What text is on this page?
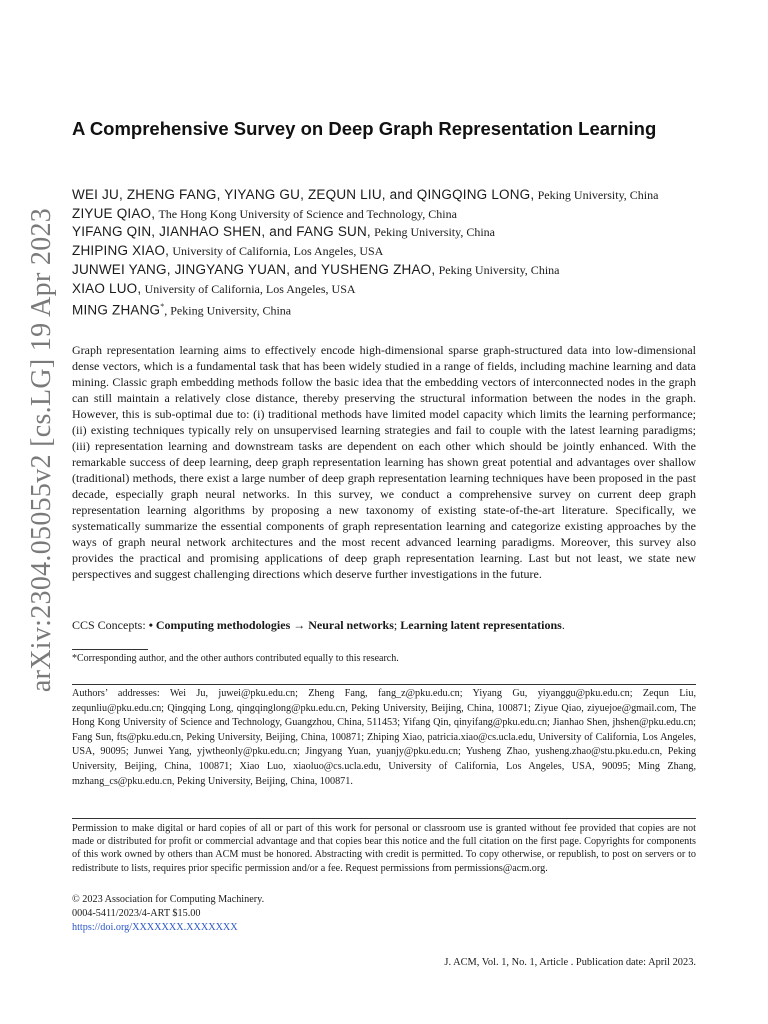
arXiv:2304.05055v2 [cs.LG] 19 Apr 2023
A Comprehensive Survey on Deep Graph Representation Learning
WEI JU, ZHENG FANG, YIYANG GU, ZEQUN LIU, and QINGQING LONG, Peking University, China
ZIYUE QIAO, The Hong Kong University of Science and Technology, China
YIFANG QIN, JIANHAO SHEN, and FANG SUN, Peking University, China
ZHIPING XIAO, University of California, Los Angeles, USA
JUNWEI YANG, JINGYANG YUAN, and YUSHENG ZHAO, Peking University, China
XIAO LUO, University of California, Los Angeles, USA
MING ZHANG*, Peking University, China
Graph representation learning aims to effectively encode high-dimensional sparse graph-structured data into low-dimensional dense vectors, which is a fundamental task that has been widely studied in a range of fields, including machine learning and data mining. Classic graph embedding methods follow the basic idea that the embedding vectors of interconnected nodes in the graph can still maintain a relatively close distance, thereby preserving the structural information between the nodes in the graph. However, this is sub-optimal due to: (i) traditional methods have limited model capacity which limits the learning performance; (ii) existing techniques typically rely on unsupervised learning strategies and fail to couple with the latest learning paradigms; (iii) representation learning and downstream tasks are dependent on each other which should be jointly enhanced. With the remarkable success of deep learning, deep graph representation learning has shown great potential and advantages over shallow (traditional) methods, there exist a large number of deep graph representation learning techniques have been proposed in the past decade, especially graph neural networks. In this survey, we conduct a comprehensive survey on current deep graph representation learning algorithms by proposing a new taxonomy of existing state-of-the-art literature. Specifically, we systematically summarize the essential components of graph representation learning and categorize existing approaches by the ways of graph neural network architectures and the most recent advanced learning paradigms. Moreover, this survey also provides the practical and promising applications of deep graph representation learning. Last but not least, we state new perspectives and suggest challenging directions which deserve further investigations in the future.
CCS Concepts: • Computing methodologies → Neural networks; Learning latent representations.
*Corresponding author, and the other authors contributed equally to this research.
Authors’ addresses: Wei Ju, juwei@pku.edu.cn; Zheng Fang, fang_z@pku.edu.cn; Yiyang Gu, yiyanggu@pku.edu.cn; Zequn Liu, zequnliu@pku.edu.cn; Qingqing Long, qingqinglong@pku.edu.cn, Peking University, Beijing, China, 100871; Ziyue Qiao, ziyuejoe@gmail.com, The Hong Kong University of Science and Technology, Guangzhou, China, 511453; Yifang Qin, qinyifang@pku.edu.cn; Jianhao Shen, jhshen@pku.edu.cn; Fang Sun, fts@pku.edu.cn, Peking University, Beijing, China, 100871; Zhiping Xiao, patricia.xiao@cs.ucla.edu, University of California, Los Angeles, USA, 90095; Junwei Yang, yjwtheonly@pku.edu.cn; Jingyang Yuan, yuanjy@pku.edu.cn; Yusheng Zhao, yusheng.zhao@stu.pku.edu.cn, Peking University, Beijing, China, 100871; Xiao Luo, xiaoluo@cs.ucla.edu, University of California, Los Angeles, USA, 90095; Ming Zhang, mzhang_cs@pku.edu.cn, Peking University, Beijing, China, 100871.
Permission to make digital or hard copies of all or part of this work for personal or classroom use is granted without fee provided that copies are not made or distributed for profit or commercial advantage and that copies bear this notice and the full citation on the first page. Copyrights for components of this work owned by others than ACM must be honored. Abstracting with credit is permitted. To copy otherwise, or republish, to post on servers or to redistribute to lists, requires prior specific permission and/or a fee. Request permissions from permissions@acm.org.
© 2023 Association for Computing Machinery.
0004-5411/2023/4-ART $15.00
https://doi.org/XXXXXXX.XXXXXXX
J. ACM, Vol. 1, No. 1, Article . Publication date: April 2023.
